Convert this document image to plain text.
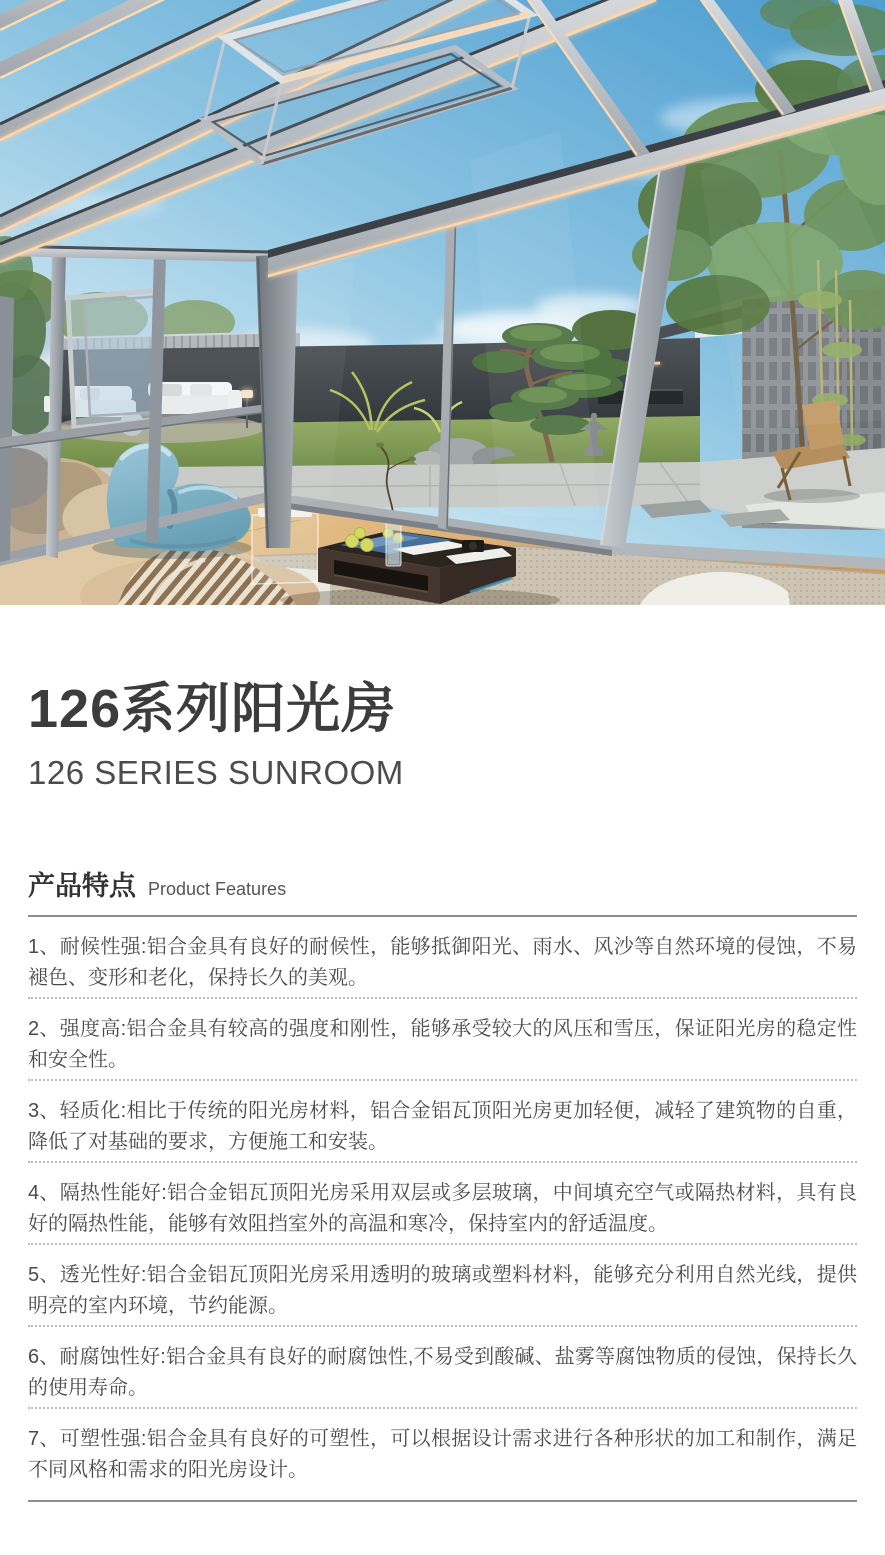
126系列阳光房
126 SERIES SUNROOM
产品特点 Product Features
1、耐候性强:铝合金具有良好的耐候性，能够抵御阳光、雨水、风沙等自然环境的侵蚀，不易褪色、变形和老化，保持长久的美观。
2、强度高:铝合金具有较高的强度和刚性，能够承受较大的风压和雪压，保证阳光房的稳定性和安全性。
3、轻质化:相比于传统的阳光房材料，铝合金铝瓦顶阳光房更加轻便，减轻了建筑物的自重，降低了对基础的要求，方便施工和安装。
4、隔热性能好:铝合金铝瓦顶阳光房采用双层或多层玻璃，中间填充空气或隔热材料，具有良好的隔热性能，能够有效阻挡室外的高温和寒冷，保持室内的舒适温度。
5、透光性好:铝合金铝瓦顶阳光房采用透明的玻璃或塑料材料，能够充分利用自然光线，提供明亮的室内环境，节约能源。
6、耐腐蚀性好:铝合金具有良好的耐腐蚀性,不易受到酸碱、盐雾等腐蚀物质的侵蚀，保持长久的使用寿命。
7、可塑性强:铝合金具有良好的可塑性，可以根据设计需求进行各种形状的加工和制作，满足不同风格和需求的阳光房设计。
